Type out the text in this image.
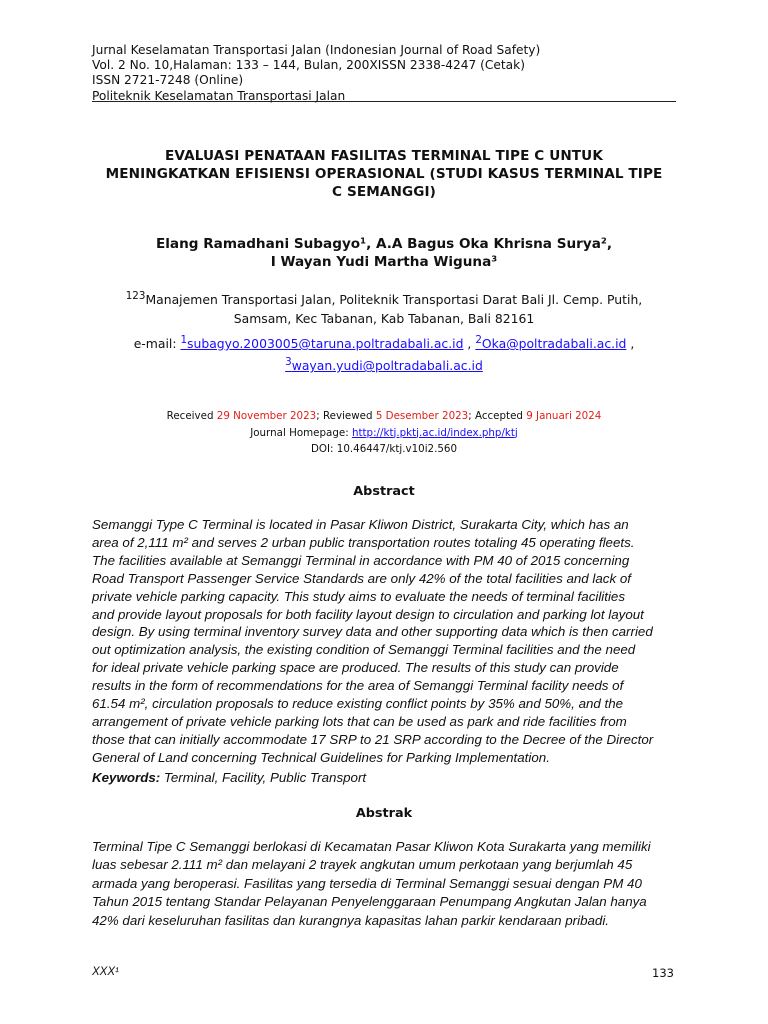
Jurnal Keselamatan Transportasi Jalan (Indonesian Journal of Road Safety)
Vol. 2 No. 10,Halaman: 133 – 144, Bulan, 200XISSN 2338-4247 (Cetak)
ISSN 2721-7248 (Online)
Politeknik Keselamatan Transportasi Jalan
EVALUASI PENATAAN FASILITAS TERMINAL TIPE C UNTUK
MENINGKATKAN EFISIENSI OPERASIONAL (STUDI KASUS TERMINAL TIPE
C SEMANGGI)
Elang Ramadhani Subagyo¹, A.A Bagus Oka Khrisna Surya²,
I Wayan Yudi Martha Wiguna³
$^{123}$Manajemen Transportasi Jalan, Politeknik Transportasi Darat Bali Jl. Cemp. Putih,
Samsam, Kec Tabanan, Kab Tabanan, Bali 82161
e-mail: $^1$subagyo.2003005@taruna.poltradabali.ac.id , $^2$Oka@poltradabali.ac.id ,
$^3$wayan.yudi@poltradabali.ac.id
Received 29 November 2023; Reviewed 5 Desember 2023; Accepted 9 Januari 2024
Journal Homepage: http://ktj.pktj.ac.id/index.php/ktj
DOI: 10.46447/ktj.v10i2.560
Abstract
Semanggi Type C Terminal is located in Pasar Kliwon District, Surakarta City, which has an
area of 2,111 m² and serves 2 urban public transportation routes totaling 45 operating fleets.
The facilities available at Semanggi Terminal in accordance with PM 40 of 2015 concerning
Road Transport Passenger Service Standards are only 42% of the total facilities and lack of
private vehicle parking capacity. This study aims to evaluate the needs of terminal facilities
and provide layout proposals for both facility layout design to circulation and parking lot layout
design. By using terminal inventory survey data and other supporting data which is then carried
out optimization analysis, the existing condition of Semanggi Terminal facilities and the need
for ideal private vehicle parking space are produced. The results of this study can provide
results in the form of recommendations for the area of Semanggi Terminal facility needs of
61.54 m², circulation proposals to reduce existing conflict points by 35% and 50%, and the
arrangement of private vehicle parking lots that can be used as park and ride facilities from
those that can initially accommodate 17 SRP to 21 SRP according to the Decree of the Director
General of Land concerning Technical Guidelines for Parking Implementation.
Keywords: Terminal, Facility, Public Transport
Abstrak
Terminal Tipe C Semanggi berlokasi di Kecamatan Pasar Kliwon Kota Surakarta yang memiliki
luas sebesar 2.111 m² dan melayani 2 trayek angkutan umum perkotaan yang berjumlah 45
armada yang beroperasi. Fasilitas yang tersedia di Terminal Semanggi sesuai dengan PM 40
Tahun 2015 tentang Standar Pelayanan Penyelenggaraan Penumpang Angkutan Jalan hanya
42% dari keseluruhan fasilitas dan kurangnya kapasitas lahan parkir kendaraan pribadi.
XXX¹	133
